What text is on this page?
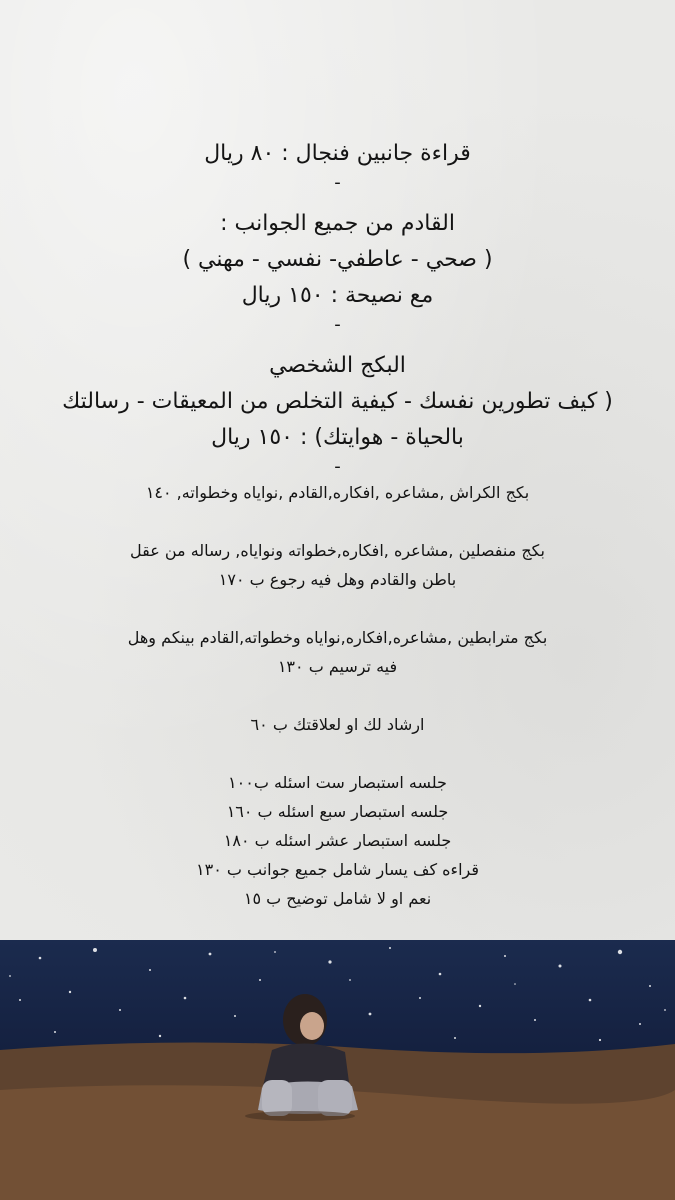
قراءة جانبين فنجال : ٨٠ ريال

-

القادم من جميع الجوانب :

( صحي - عاطفي- نفسي - مهني )

مع نصيحة : ١٥٠ ريال

-

البكج الشخصي

( كيف تطورين نفسك - كيفية التخلص من المعيقات - رسالتك

بالحياة - هوايتك) : ١٥٠ ريال

-

بكج الكراش ,مشاعره ,افكاره,القادم ,نواياه وخطواته, ١٤٠

بكج منفصلين ,مشاعره ,افكاره,خطواته ونواياه, رساله من عقل

باطن والقادم وهل فيه رجوع ب ١٧٠

بكج مترابطين ,مشاعره,افكاره,نواياه وخطواته,القادم بينكم وهل

فيه ترسيم ب ١٣٠

ارشاد لك او لعلاقتك ب ٦٠

جلسه استبصار ست اسئله ب١٠٠

جلسه استبصار سبع اسئله ب ١٦٠

جلسه استبصار عشر اسئله ب ١٨٠

قراءه كف يسار شامل جميع جوانب ب ١٣٠

نعم او لا شامل توضيح ب ١٥
